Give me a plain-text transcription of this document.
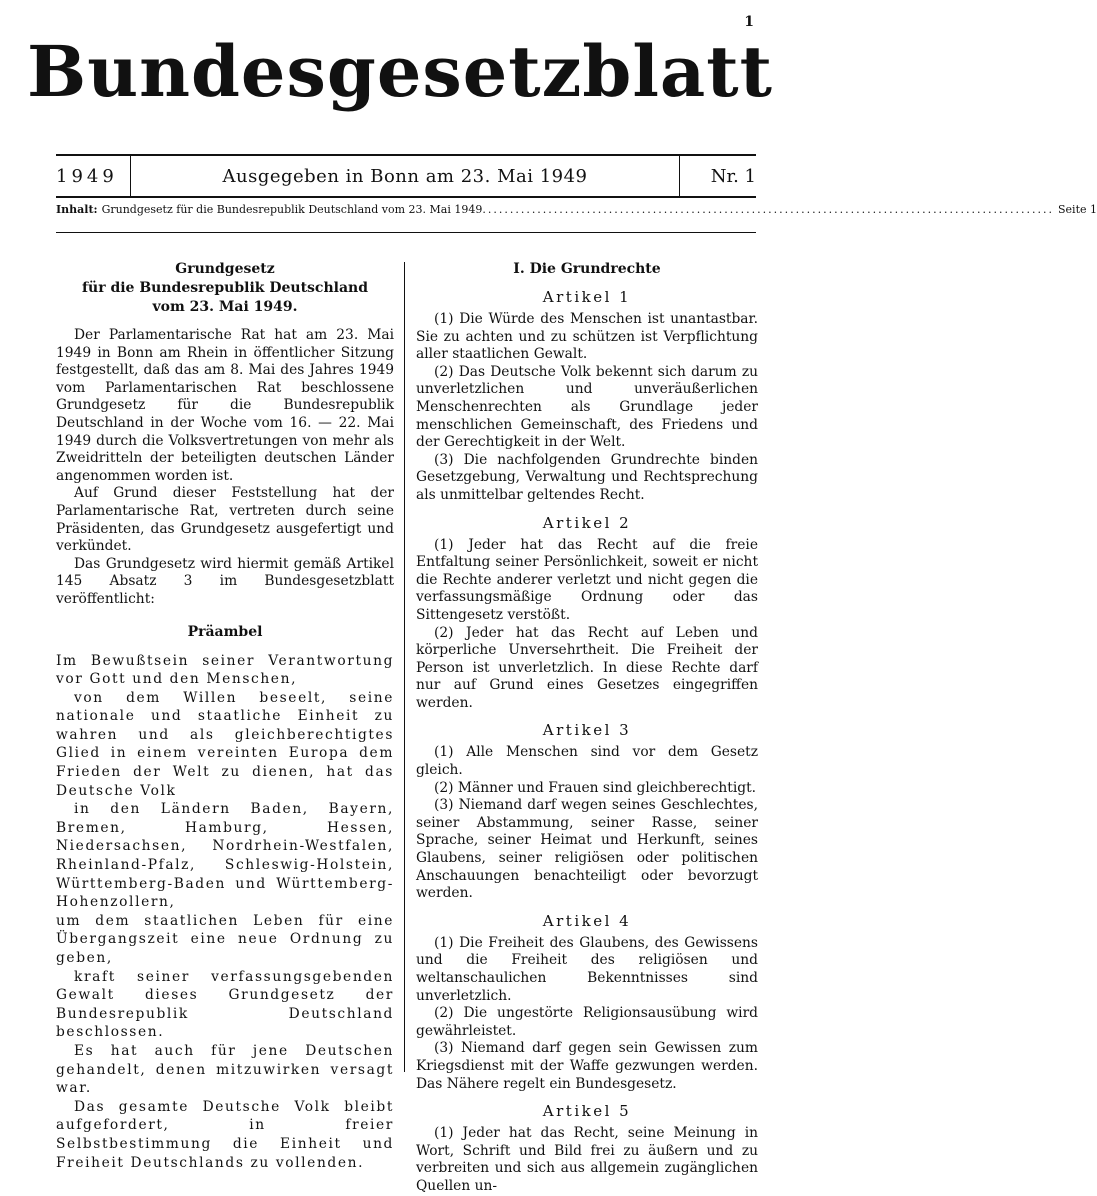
1
Bundesgesetzblatt
1949	Ausgegeben in Bonn am 23. Mai 1949	Nr. 1
Inhalt: Grundgesetz für die Bundesrepublik Deutschland vom 23. Mai 1949 ........................................................................................................ Seite 1
Grundgesetz
für die Bundesrepublik Deutschland
vom 23. Mai 1949.

Der Parlamentarische Rat hat am 23. Mai 1949 in Bonn am Rhein in öffentlicher Sitzung festgestellt, daß das am 8. Mai des Jahres 1949 vom Parlamentarischen Rat beschlossene Grundgesetz für die Bundesrepublik Deutschland in der Woche vom 16. — 22. Mai 1949 durch die Volksvertretungen von mehr als Zweidritteln der beteiligten deutschen Länder angenommen worden ist.

Auf Grund dieser Feststellung hat der Parlamentarische Rat, vertreten durch seine Präsidenten, das Grundgesetz ausgefertigt und verkündet.

Das Grundgesetz wird hiermit gemäß Artikel 145 Absatz 3 im Bundesgesetzblatt veröffentlicht:

Präambel

Im Bewußtsein seiner Verantwortung vor Gott und den Menschen,

von dem Willen beseelt, seine nationale und staatliche Einheit zu wahren und als gleichberechtigtes Glied in einem vereinten Europa dem Frieden der Welt zu dienen, hat das Deutsche Volk

in den Ländern Baden, Bayern, Bremen, Hamburg, Hessen, Niedersachsen, Nordrhein-Westfalen, Rheinland-Pfalz, Schleswig-Holstein, Württemberg-Baden und Württemberg-Hohenzollern,

um dem staatlichen Leben für eine Übergangszeit eine neue Ordnung zu geben,

kraft seiner verfassungsgebenden Gewalt dieses Grundgesetz der Bundesrepublik Deutschland beschlossen.

Es hat auch für jene Deutschen gehandelt, denen mitzuwirken versagt war.

Das gesamte Deutsche Volk bleibt aufgefordert, in freier Selbstbestimmung die Einheit und Freiheit Deutschlands zu vollenden.

I. Die Grundrechte
Artikel 1

(1) Die Würde des Menschen ist unantastbar. Sie zu achten und zu schützen ist Verpflichtung aller staatlichen Gewalt.

(2) Das Deutsche Volk bekennt sich darum zu unverletzlichen und unveräußerlichen Menschenrechten als Grundlage jeder menschlichen Gemeinschaft, des Friedens und der Gerechtigkeit in der Welt.

(3) Die nachfolgenden Grundrechte binden Gesetzgebung, Verwaltung und Rechtsprechung als unmittelbar geltendes Recht.

Artikel 2

(1) Jeder hat das Recht auf die freie Entfaltung seiner Persönlichkeit, soweit er nicht die Rechte anderer verletzt und nicht gegen die verfassungsmäßige Ordnung oder das Sittengesetz verstößt.

(2) Jeder hat das Recht auf Leben und körperliche Unversehrtheit. Die Freiheit der Person ist unverletzlich. In diese Rechte darf nur auf Grund eines Gesetzes eingegriffen werden.

Artikel 3

(1) Alle Menschen sind vor dem Gesetz gleich.

(2) Männer und Frauen sind gleichberechtigt.

(3) Niemand darf wegen seines Geschlechtes, seiner Abstammung, seiner Rasse, seiner Sprache, seiner Heimat und Herkunft, seines Glaubens, seiner religiösen oder politischen Anschauungen benachteiligt oder bevorzugt werden.

Artikel 4

(1) Die Freiheit des Glaubens, des Gewissens und die Freiheit des religiösen und weltanschaulichen Bekenntnisses sind unverletzlich.

(2) Die ungestörte Religionsausübung wird gewährleistet.

(3) Niemand darf gegen sein Gewissen zum Kriegsdienst mit der Waffe gezwungen werden. Das Nähere regelt ein Bundesgesetz.

Artikel 5

(1) Jeder hat das Recht, seine Meinung in Wort, Schrift und Bild frei zu äußern und zu verbreiten und sich aus allgemein zugänglichen Quellen un-
